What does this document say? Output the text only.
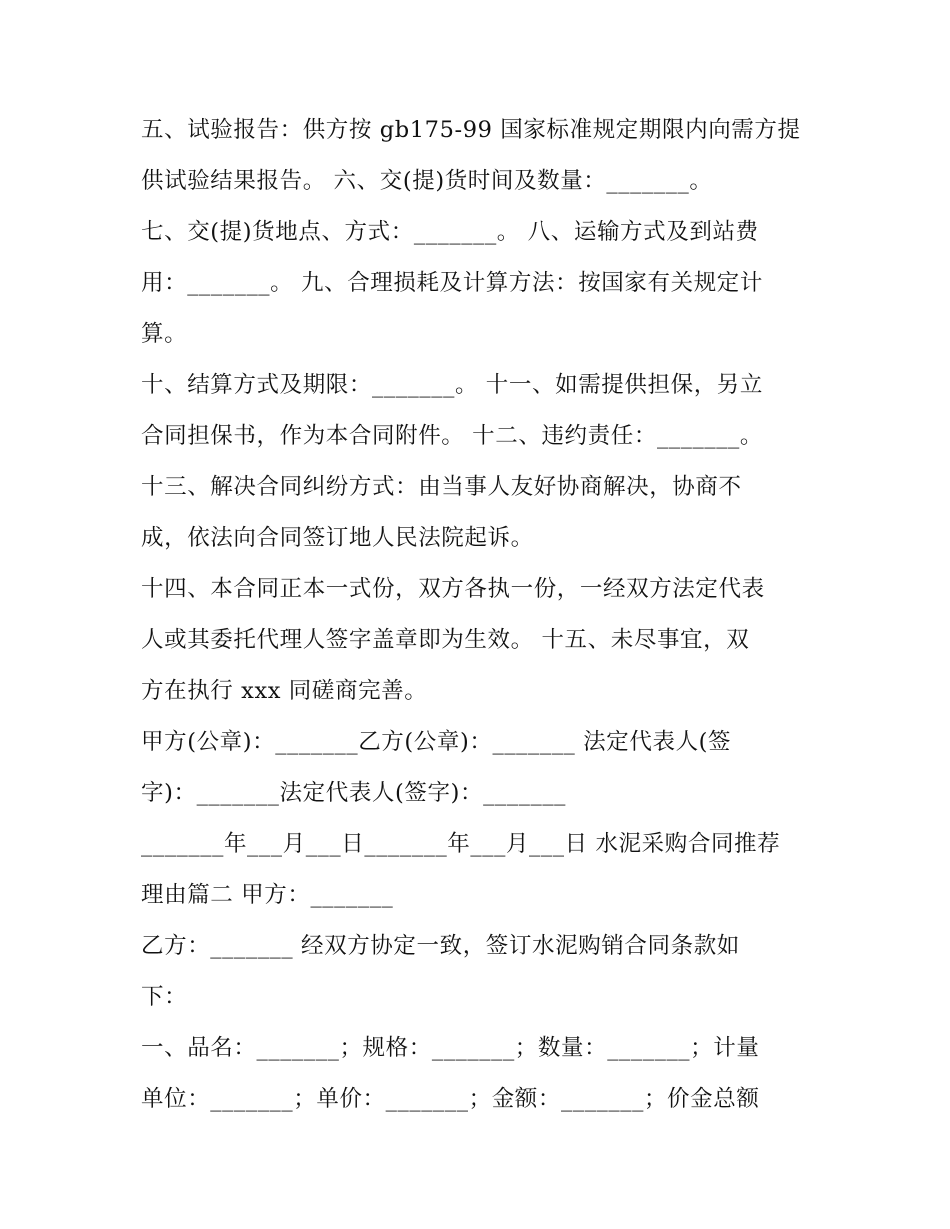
五、试验报告：供方按 gb175-99 国家标准规定期限内向需方提
供试验结果报告。 六、交(提)货时间及数量：_______。
七、交(提)货地点、方式：_______。 八、运输方式及到站费
用：_______。 九、合理损耗及计算方法：按国家有关规定计
算。
十、结算方式及期限：_______。 十一、如需提供担保，另立
合同担保书，作为本合同附件。 十二、违约责任：_______。
十三、解决合同纠纷方式：由当事人友好协商解决，协商不
成，依法向合同签订地人民法院起诉。
十四、本合同正本一式份，双方各执一份，一经双方法定代表
人或其委托代理人签字盖章即为生效。 十五、未尽事宜，双
方在执行 xxx 同磋商完善。
甲方(公章)：_______乙方(公章)：_______ 法定代表人(签
字)：_______法定代表人(签字)：_______
_______年___月___日_______年___月___日 水泥采购合同推荐
理由篇二 甲方：_______
乙方：_______ 经双方协定一致，签订水泥购销合同条款如
下：
一、品名：_______；规格：_______；数量：_______；计量
单位：_______；单价：_______；金额：_______；价金总额
